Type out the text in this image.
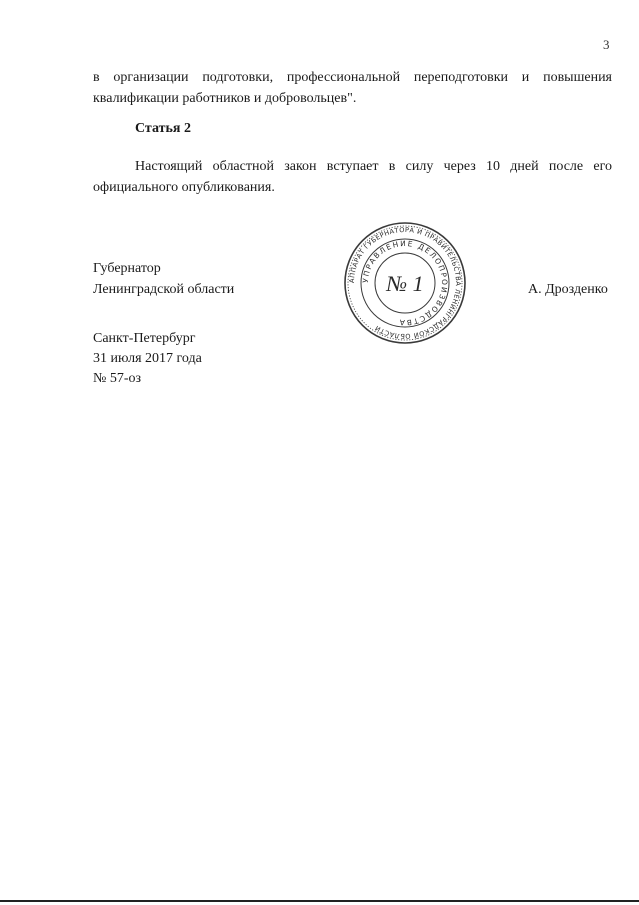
3
в организации подготовки, профессиональной переподготовки и повышения
квалификации работников и добровольцев".
Статья 2
Настоящий областной закон вступает в силу через 10 дней после его
официального опубликования.
Губернатор
Ленинградской области
АППАРАТ ГУБЕРНАТОРА И ПРАВИТЕЛЬСТВА ЛЕНИНГРАДСКОЙ ОБЛАСТИ
УПРАВЛЕНИЕ ДЕЛОПРОИЗВОДСТВА
№ 1	А. Дрозденко
Санкт-Петербург
31 июля 2017 года
№ 57-оз
